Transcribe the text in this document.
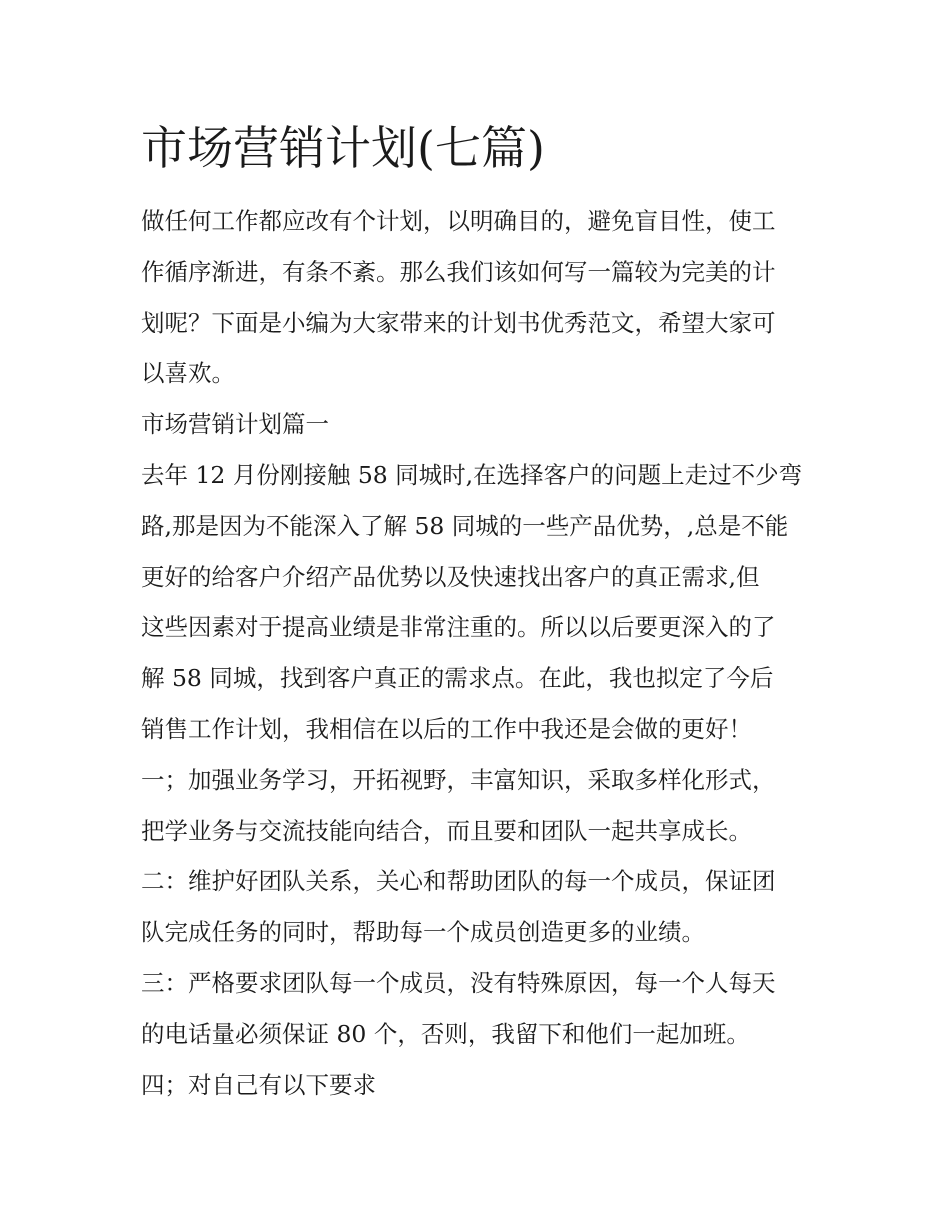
市场营销计划(七篇)

做任何工作都应改有个计划，以明确目的，避免盲目性，使工

作循序渐进，有条不紊。那么我们该如何写一篇较为完美的计

划呢？下面是小编为大家带来的计划书优秀范文，希望大家可

以喜欢。

市场营销计划篇一

去年 12 月份刚接触 58 同城时,在选择客户的问题上走过不少弯

路,那是因为不能深入了解 58 同城的一些产品优势，,总是不能

更好的给客户介绍产品优势以及快速找出客户的真正需求,但

这些因素对于提高业绩是非常注重的。所以以后要更深入的了

解 58 同城，找到客户真正的需求点。在此，我也拟定了今后

销售工作计划，我相信在以后的工作中我还是会做的更好！

一；加强业务学习，开拓视野，丰富知识，采取多样化形式，

把学业务与交流技能向结合，而且要和团队一起共享成长。

二：维护好团队关系，关心和帮助团队的每一个成员，保证团

队完成任务的同时，帮助每一个成员创造更多的业绩。

三：严格要求团队每一个成员，没有特殊原因，每一个人每天

的电话量必须保证 80 个，否则，我留下和他们一起加班。

四；对自己有以下要求
